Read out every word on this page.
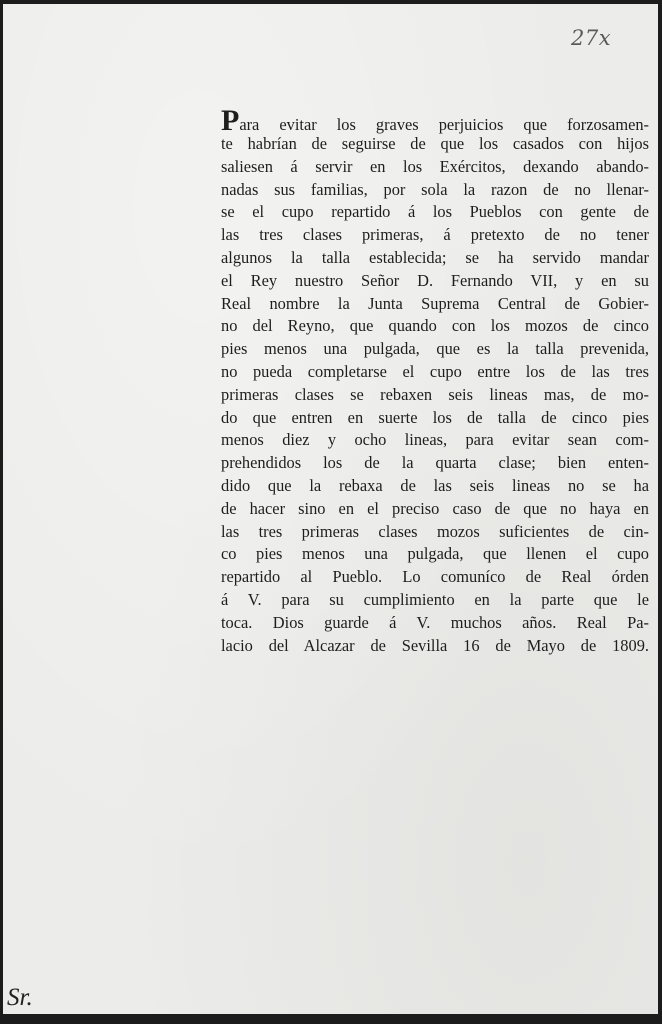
27x
Para evitar los graves perjuicios que forzosamen-
te habrían de seguirse de que los casados con hijos
saliesen á servir en los Exércitos, dexando abando-
nadas sus familias, por sola la razon de no llenar-
se el cupo repartido á los Pueblos con gente de
las tres clases primeras, á pretexto de no tener
algunos la talla establecida; se ha servido mandar
el Rey nuestro Señor D. Fernando VII, y en su
Real nombre la Junta Suprema Central de Gobier-
no del Reyno, que quando con los mozos de cinco
pies menos una pulgada, que es la talla prevenida,
no pueda completarse el cupo entre los de las tres
primeras clases se rebaxen seis lineas mas, de mo-
do que entren en suerte los de talla de cinco pies
menos diez y ocho lineas, para evitar sean com-
prehendidos los de la quarta clase; bien enten-
dido que la rebaxa de las seis lineas no se ha
de hacer sino en el preciso caso de que no haya en
las tres primeras clases mozos suficientes de cin-
co pies menos una pulgada, que llenen el cupo
repartido al Pueblo. Lo comuníco de Real órden
á V. para su cumplimiento en la parte que le
toca. Dios guarde á V. muchos años. Real Pa-
lacio del Alcazar de Sevilla 16 de Mayo de 1809.
Sr.
